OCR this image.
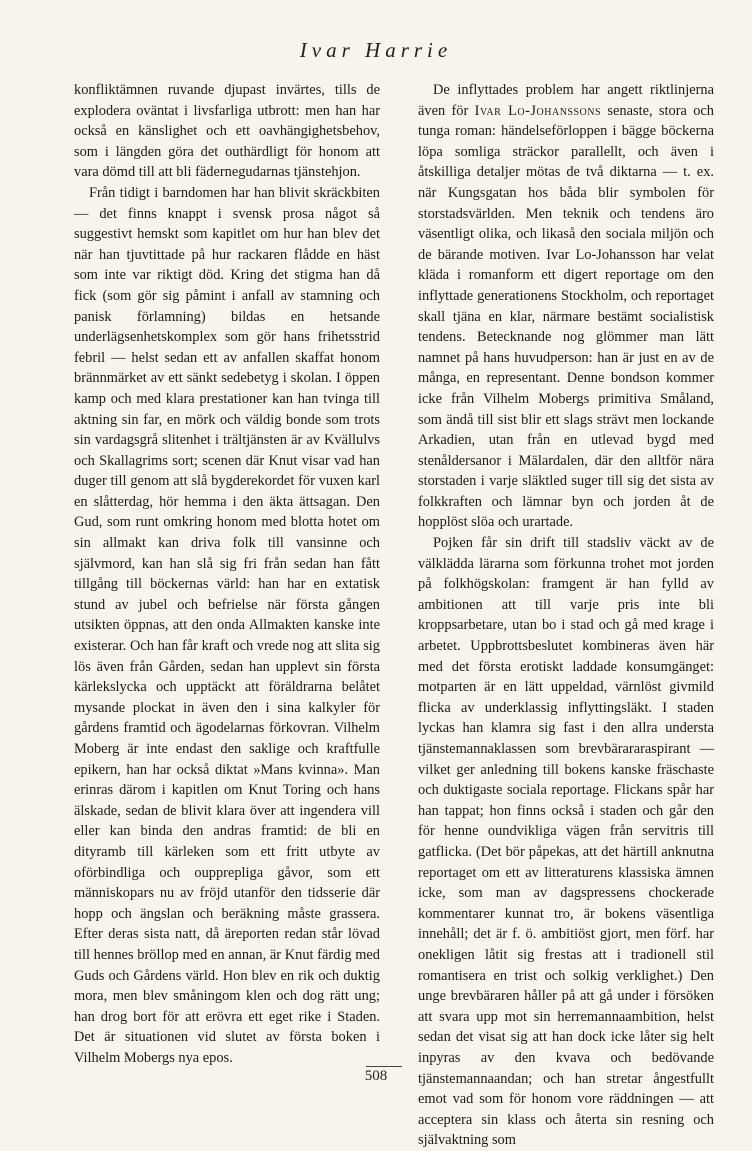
Ivar Harrie

konfliktämnen ruvande djupast invärtes, tills de explodera oväntat i livsfarliga utbrott: men han har också en känslighet och ett oavhängighetsbehov, som i längden göra det outhärdligt för honom att vara dömd till att bli fädernegudarnas tjänstehjon.

Från tidigt i barndomen har han blivit skräckbiten — det finns knappt i svensk prosa något så suggestivt hemskt som kapitlet om hur han blev det när han tjuvtittade på hur rackaren flådde en häst som inte var riktigt död. Kring det stigma han då fick (som gör sig påmint i anfall av stamning och panisk förlamning) bildas en hetsande underlägsenhetskomplex som gör hans frihetsstrid febril — helst sedan ett av anfallen skaffat honom brännmärket av ett sänkt sedebetyg i skolan. I öppen kamp och med klara prestationer kan han tvinga till aktning sin far, en mörk och väldig bonde som trots sin vardagsgrå slitenhet i trältjänsten är av Kvällulvs och Skallagrims sort; scenen där Knut visar vad han duger till genom att slå bygderekordet för vuxen karl en slåtterdag, hör hemma i den äkta ättsagan. Den Gud, som runt omkring honom med blotta hotet om sin allmakt kan driva folk till vansinne och självmord, kan han slå sig fri från sedan han fått tillgång till böckernas värld: han har en extatisk stund av jubel och befrielse när första gången utsikten öppnas, att den onda Allmakten kanske inte existerar. Och han får kraft och vrede nog att slita sig lös även från Gården, sedan han upplevt sin första kärlekslycka och upptäckt att föräldrarna belåtet mysande plockat in även den i sina kalkyler för gårdens framtid och ägodelarnas förkovran. Vilhelm Moberg är inte endast den saklige och kraftfulle epikern, han har också diktat »Mans kvinna». Man erinras därom i kapitlen om Knut Toring och hans älskade, sedan de blivit klara över att ingendera vill eller kan binda den andras framtid: de bli en dityramb till kärleken som ett fritt utbyte av oförbindliga och oupprepliga gåvor, som ett människopars nu av fröjd utanför den tidsserie där hopp och ängslan och beräkning måste grassera. Efter deras sista natt, då äreporten redan står lövad till hennes bröllop med en annan, är Knut färdig med Guds och Gårdens värld. Hon blev en rik och duktig mora, men blev småningom klen och dog rätt ung; han drog bort för att erövra ett eget rike i Staden. Det är situationen vid slutet av första boken i Vilhelm Mobergs nya epos.

De inflyttades problem har angett riktlinjerna även för Ivar Lo-Johanssons senaste, stora och tunga roman: händelseförloppen i bägge böckerna löpa somliga sträckor parallellt, och även i åtskilliga detaljer mötas de två diktarna — t. ex. när Kungsgatan hos båda blir symbolen för storstadsvärlden. Men teknik och tendens äro väsentligt olika, och likaså den sociala miljön och de bärande motiven. Ivar Lo-Johansson har velat kläda i romanform ett digert reportage om den inflyttade generationens Stockholm, och reportaget skall tjäna en klar, närmare bestämt socialistisk tendens. Betecknande nog glömmer man lätt namnet på hans huvudperson: han är just en av de många, en representant. Denne bondson kommer icke från Vilhelm Mobergs primitiva Småland, som ändå till sist blir ett slags strävt men lockande Arkadien, utan från en utlevad bygd med stenåldersanor i Mälardalen, där den alltför nära storstaden i varje släktled suger till sig det sista av folkkraften och lämnar byn och jorden åt de hopplöst slöa och urartade.

Pojken får sin drift till stadsliv väckt av de välklädda lärarna som förkunna trohet mot jorden på folkhögskolan: framgent är han fylld av ambitionen att till varje pris inte bli kroppsarbetare, utan bo i stad och gå med krage i arbetet. Uppbrottsbeslutet kombineras även här med det första erotiskt laddade konsumgänget: motparten är en lätt uppeldad, värnlöst givmild flicka av underklassig inflyttingsläkt. I staden lyckas han klamra sig fast i den allra understa tjänstemannaklassen som brevbärararaspirant — vilket ger anledning till bokens kanske fräschaste och duktigaste sociala reportage. Flickans spår har han tappat; hon finns också i staden och går den för henne oundvikliga vägen från servitris till gatflicka. (Det bör påpekas, att det härtill anknutna reportaget om ett av litteraturens klassiska ämnen icke, som man av dagspressens chockerade kommentarer kunnat tro, är bokens väsentliga innehåll; det är f. ö. ambitiöst gjort, men förf. har onekligen låtit sig frestas att i tradionell stil romantisera en trist och solkig verklighet.) Den unge brevbäraren håller på att gå under i försöken att svara upp mot sin herremannaambition, helst sedan det visat sig att han dock icke låter sig helt inpyras av den kvava och bedövande tjänstemannaandan; och han stretar ångestfullt emot vad som för honom vore räddningen — att acceptera sin klass och återta sin resning och självaktning som

508
